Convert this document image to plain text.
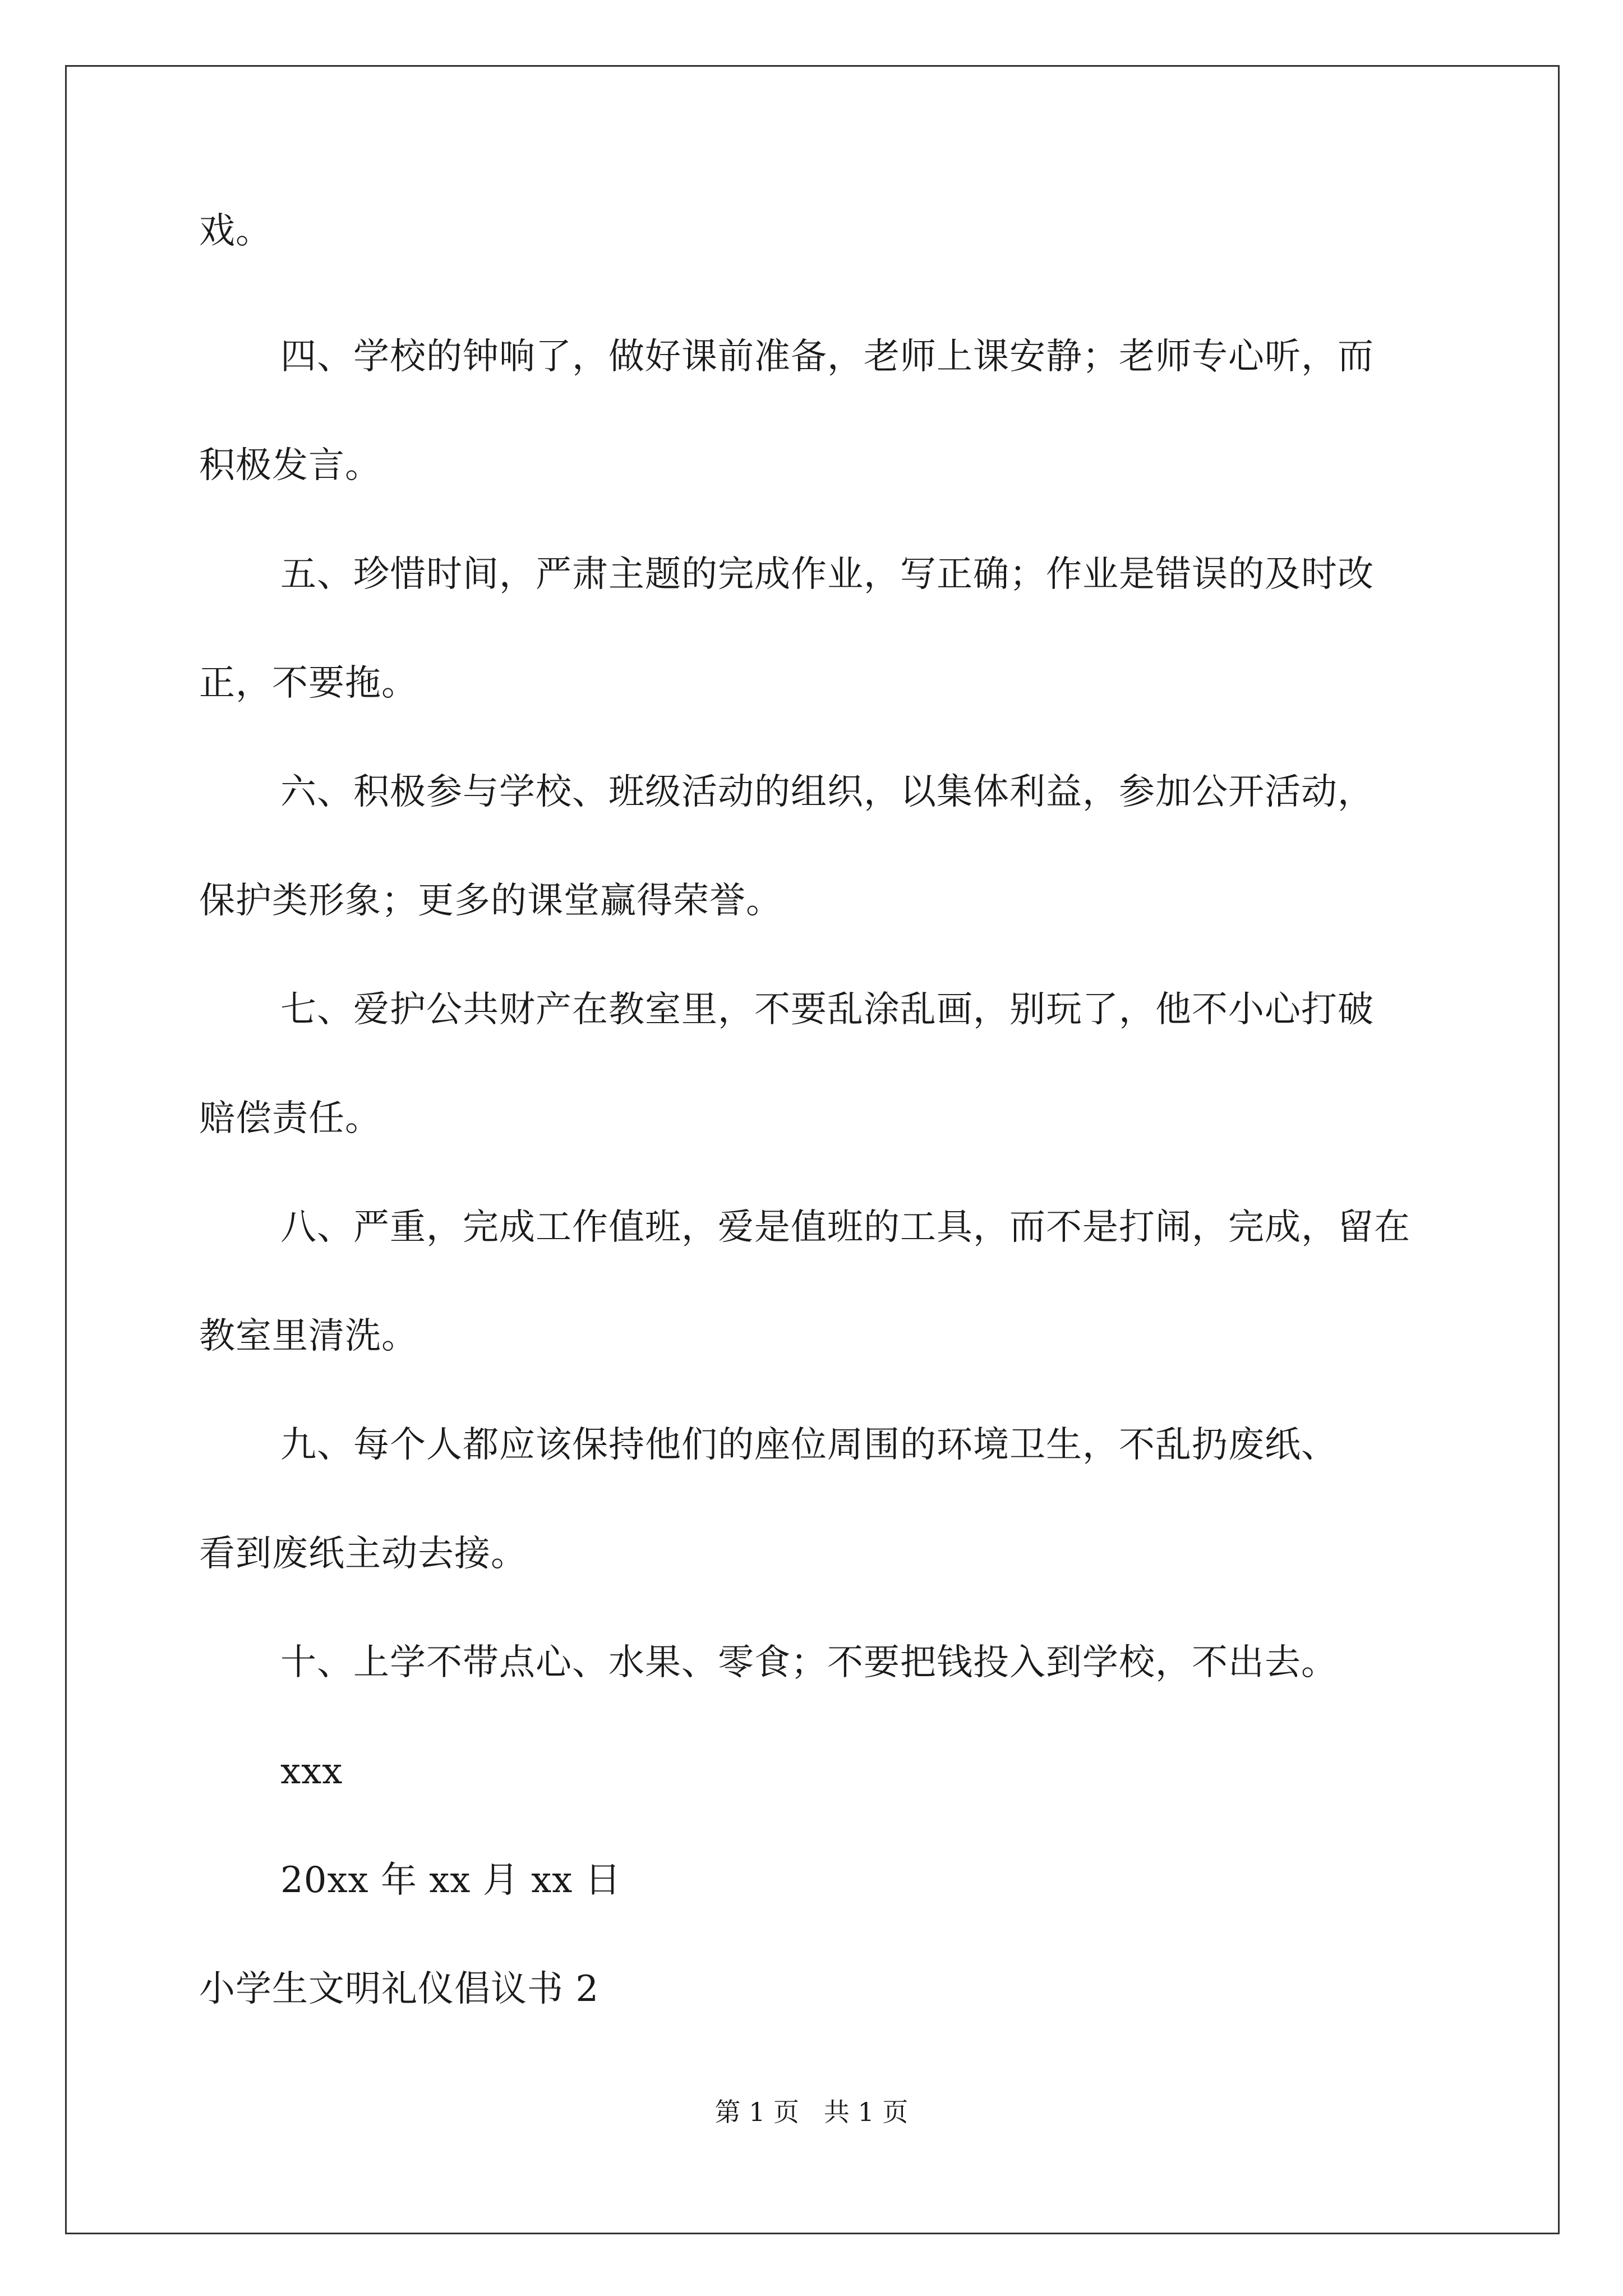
戏。
四、学校的钟响了，做好课前准备，老师上课安静；老师专心听，而
积极发言。
五、珍惜时间，严肃主题的完成作业，写正确；作业是错误的及时改
正，不要拖。
六、积极参与学校、班级活动的组织，以集体利益，参加公开活动，
保护类形象；更多的课堂赢得荣誉。
七、爱护公共财产在教室里，不要乱涂乱画，别玩了，他不小心打破
赔偿责任。
八、严重，完成工作值班，爱是值班的工具，而不是打闹，完成，留在
教室里清洗。
九、每个人都应该保持他们的座位周围的环境卫生，不乱扔废纸、
看到废纸主动去接。
十、上学不带点心、水果、零食；不要把钱投入到学校，不出去。
xxx
20xx 年 xx 月 xx 日
小学生文明礼仪倡议书 2
第 1 页   共 1 页
